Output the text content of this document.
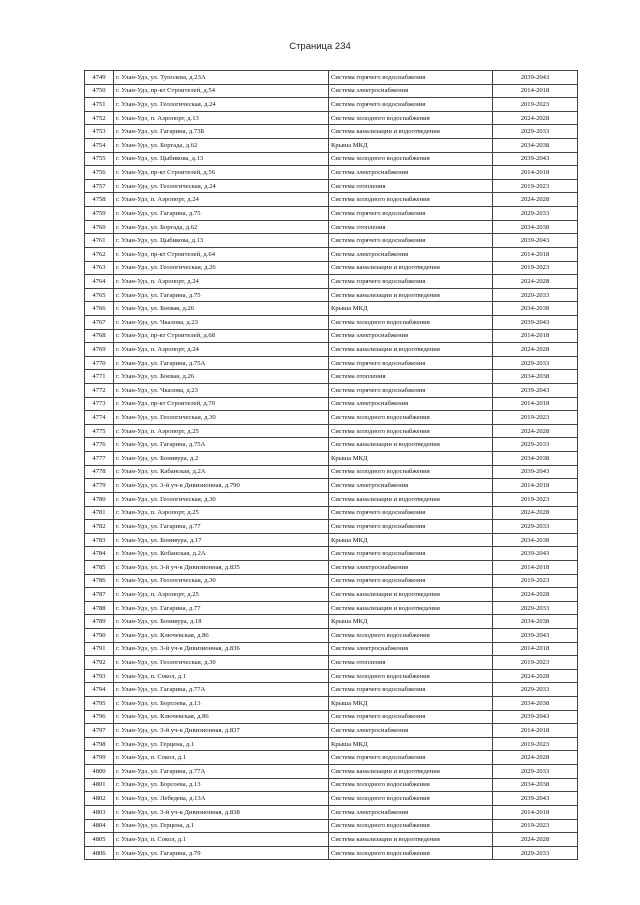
Страница 234
4749	г. Улан-Удэ, ул. Туполева, д.23А	Система горячего водоснабжения	2039-2043
4750	г. Улан-Удэ, пр-кт Строителей, д.54	Система электроснабжения	2014-2018
4751	г. Улан-Удэ, ул. Геологическая, д.24	Система горячего водоснабжения	2019-2023
4752	г. Улан-Удэ, п. Аэропорт, д.13	Система холодного водоснабжения	2024-2028
4753	г. Улан-Удэ, ул. Гагарина, д.73Б	Система канализации и водоотведения	2029-2033
4754	г. Улан-Удэ, ул. Боргада, д.62	Крыша МКД	2034-2038
4755	г. Улан-Удэ, ул. Цыбикова, д.13	Система холодного водоснабжения	2039-2043
4756	г. Улан-Удэ, пр-кт Строителей, д.56	Система электроснабжения	2014-2018
4757	г. Улан-Удэ, ул. Геологическая, д.24	Система отопления	2019-2023
4758	г. Улан-Удэ, п. Аэропорт, д.24	Система холодного водоснабжения	2024-2028
4759	г. Улан-Удэ, ул. Гагарина, д.75	Система горячего водоснабжения	2029-2033
4760	г. Улан-Удэ, ул. Боргада, д.62	Система отопления	2034-2038
4761	г. Улан-Удэ, ул. Цыбикова, д.13	Система горячего водоснабжения	2039-2043
4762	г. Улан-Удэ, пр-кт Строителей, д.64	Система электроснабжения	2014-2018
4763	г. Улан-Удэ, ул. Геологическая, д.26	Система канализации и водоотведения	2019-2023
4764	г. Улан-Удэ, п. Аэропорт, д.24	Система горячего водоснабжения	2024-2028
4765	г. Улан-Удэ, ул. Гагарина, д.75	Система канализации и водоотведения	2029-2033
4766	г. Улан-Удэ, ул. Боевая, д.26	Крыша МКД	2034-2038
4767	г. Улан-Удэ, ул. Чкалова, д.23	Система холодного водоснабжения	2039-2043
4768	г. Улан-Удэ, пр-кт Строителей, д.68	Система электроснабжения	2014-2018
4769	г. Улан-Удэ, п. Аэропорт, д.24	Система канализации и водоотведения	2024-2028
4770	г. Улан-Удэ, ул. Гагарина, д.75А	Система горячего водоснабжения	2029-2033
4771	г. Улан-Удэ, ул. Боевая, д.26	Система отопления	2034-2038
4772	г. Улан-Удэ, ул. Чкалова, д.23	Система горячего водоснабжения	2039-2043
4773	г. Улан-Удэ, пр-кт Строителей, д.70	Система электроснабжения	2014-2018
4774	г. Улан-Удэ, ул. Геологическая, д.30	Система холодного водоснабжения	2019-2023
4775	г. Улан-Удэ, п. Аэропорт, д.25	Система холодного водоснабжения	2024-2028
4776	г. Улан-Удэ, ул. Гагарина, д.75А	Система канализации и водоотведения	2029-2033
4777	г. Улан-Удэ, ул. Бонивура, д.2	Крыша МКД	2034-2038
4778	г. Улан-Удэ, ул. Кабанская, д.2А	Система холодного водоснабжения	2039-2043
4779	г. Улан-Удэ, ул. 3-й уч-к Дивизионная, д.790	Система электроснабжения	2014-2018
4780	г. Улан-Удэ, ул. Геологическая, д.30	Система канализации и водоотведения	2019-2023
4781	г. Улан-Удэ, п. Аэропорт, д.25	Система горячего водоснабжения	2024-2028
4782	г. Улан-Удэ, ул. Гагарина, д.77	Система горячего водоснабжения	2029-2033
4783	г. Улан-Удэ, ул. Бонивура, д.17	Крыша МКД	2034-2038
4784	г. Улан-Удэ, ул. Кобанская, д.2А	Система горячего водоснабжения	2039-2043
4785	г. Улан-Удэ, ул. 3-й уч-к Дивизионная, д.835	Система электроснабжения	2014-2018
4786	г. Улан-Удэ, ул. Геологическая, д.30	Система горячего водоснабжения	2019-2023
4787	г. Улан-Удэ, п. Аэропорт, д.25	Система канализации и водоотведения	2024-2028
4788	г. Улан-Удэ, ул. Гагарина, д.77	Система канализации и водоотведения	2029-2033
4789	г. Улан-Удэ, ул. Бонивура, д.18	Крыша МКД	2034-2038
4790	г. Улан-Удэ, ул. Ключевская, д.86	Система холодного водоснабжения	2039-2043
4791	г. Улан-Удэ, ул. 3-й уч-к Дивизионная, д.836	Система электроснабжения	2014-2018
4792	г. Улан-Удэ, ул. Геологическая, д.30	Система отопления	2019-2023
4793	г. Улан-Удэ, п. Сокол, д.1	Система холодного водоснабжения	2024-2028
4794	г. Улан-Удэ, ул. Гагарина, д.77А	Система горячего водоснабжения	2029-2033
4795	г. Улан-Удэ, ул. Борсоева, д.13	Крыша МКД	2034-2038
4796	г. Улан-Удэ, ул. Ключевская, д.86	Система горячего водоснабжения	2039-2043
4797	г. Улан-Удэ, ул. 3-й уч-к Дивизионная, д.837	Система электроснабжения	2014-2018
4798	г. Улан-Удэ, ул. Герцена, д.1	Крыша МКД	2019-2023
4799	г. Улан-Удэ, п. Сокол, д.1	Система горячего водоснабжения	2024-2028
4800	г. Улан-Удэ, ул. Гагарина, д.77А	Система канализации и водоотведения	2029-2033
4801	г. Улан-Удэ, ул. Борсоева, д.13	Система холодного водоснабжения	2034-2038
4802	г. Улан-Удэ, ул. Лебедева, д.13А	Система холодного водоснабжения	2039-2043
4803	г. Улан-Удэ, ул. 3-й уч-к Дивизионная, д.838	Система электроснабжения	2014-2018
4804	г. Улан-Удэ, ул. Герцена, д.1	Система холодного водоснабжения	2019-2023
4805	г. Улан-Удэ, п. Сокол, д.1	Система канализации и водоотведения	2024-2028
4806	г. Улан-Удэ, ул. Гагарина, д.79	Система холодного водоснабжения	2029-2033
